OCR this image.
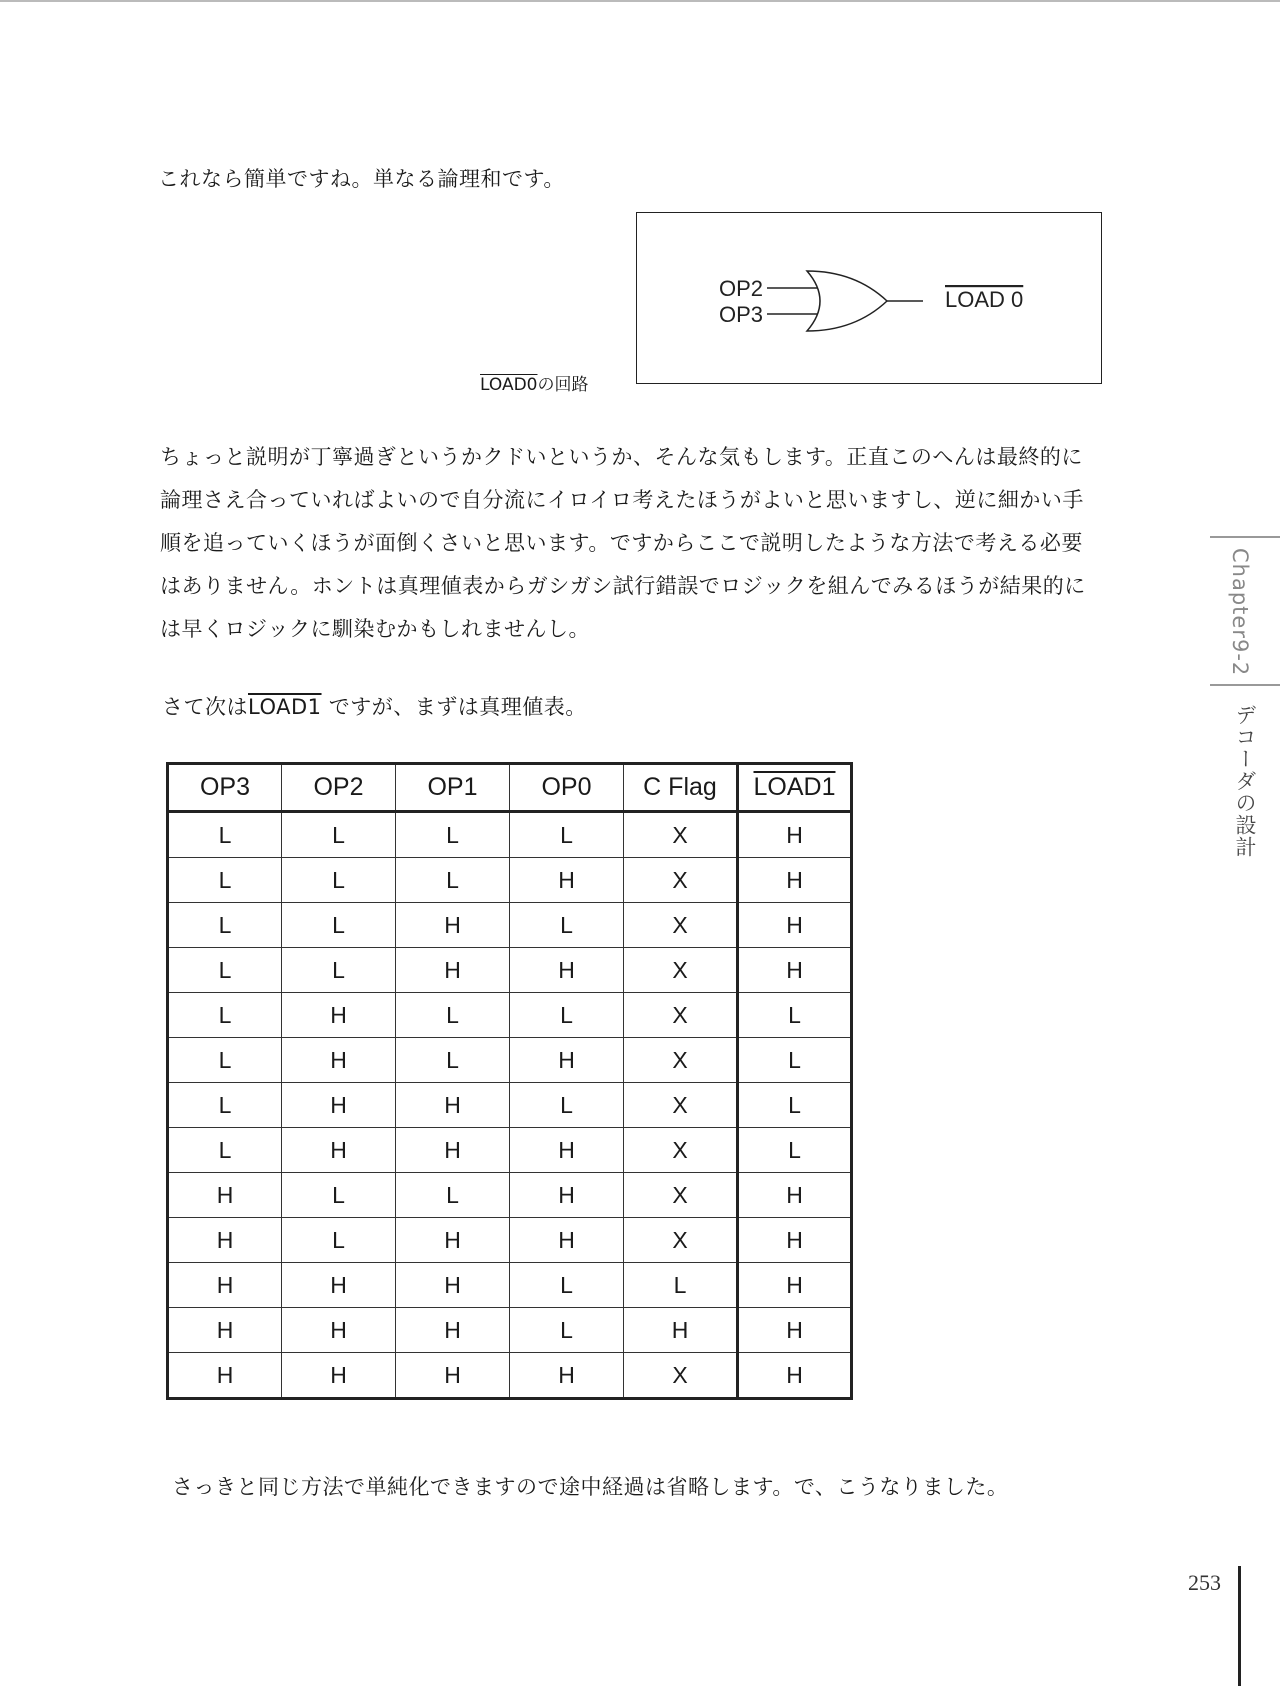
これなら簡単ですね。単なる論理和です。
OP2
OP3
LOAD 0
LOAD0の回路
ちょっと説明が丁寧過ぎというかクドいというか、そんな気もします。正直このへんは最終的に
論理さえ合っていればよいので自分流にイロイロ考えたほうがよいと思いますし、逆に細かい手
順を追っていくほうが面倒くさいと思います。ですからここで説明したような方法で考える必要
はありません。ホントは真理値表からガシガシ試行錯誤でロジックを組んでみるほうが結果的に
は早くロジックに馴染むかもしれませんし。
さて次はLOAD1 ですが、まずは真理値表。
OP3	OP2	OP1	OP0	C Flag	LOAD1
L	L	L	L	X	H
L	L	L	H	X	H
L	L	H	L	X	H
L	L	H	H	X	H
L	H	L	L	X	L
L	H	L	H	X	L
L	H	H	L	X	L
L	H	H	H	X	L
H	L	L	H	X	H
H	L	H	H	X	H
H	H	H	L	L	H
H	H	H	L	H	H
H	H	H	H	X	H
さっきと同じ方法で単純化できますので途中経過は省略します。で、こうなりました。
Chapter9-2
デコーダの設計
253
